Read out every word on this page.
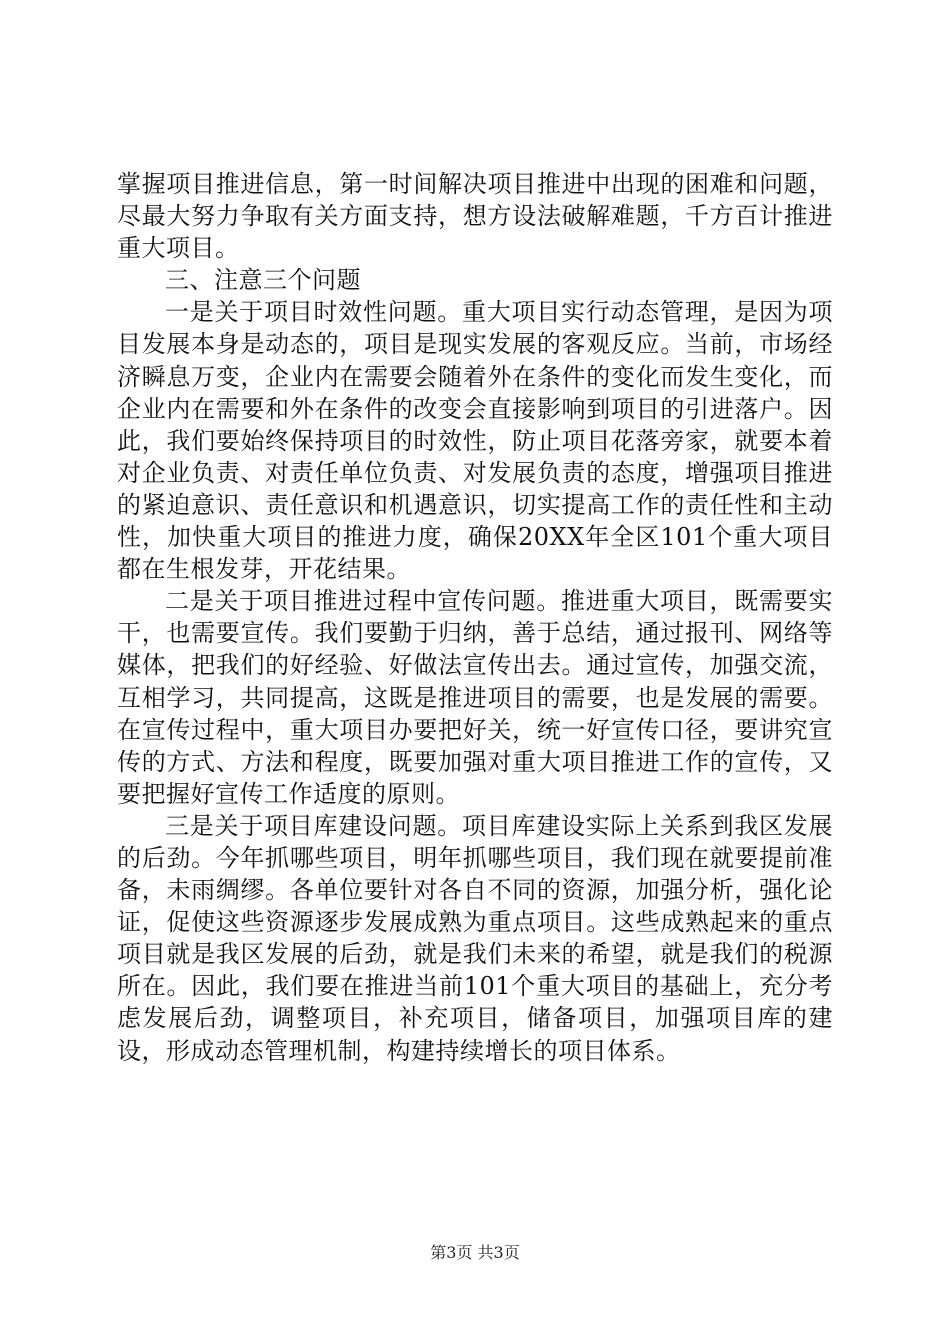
掌握项目推进信息，第一时间解决项目推进中出现的困难和问题，尽最大努力争取有关方面支持，想方设法破解难题，千方百计推进重大项目。

三、注意三个问题

一是关于项目时效性问题。重大项目实行动态管理，是因为项目发展本身是动态的，项目是现实发展的客观反应。当前，市场经济瞬息万变，企业内在需要会随着外在条件的变化而发生变化，而企业内在需要和外在条件的改变会直接影响到项目的引进落户。因此，我们要始终保持项目的时效性，防止项目花落旁家，就要本着对企业负责、对责任单位负责、对发展负责的态度，增强项目推进的紧迫意识、责任意识和机遇意识，切实提高工作的责任性和主动性，加快重大项目的推进力度，确保20XX年全区101个重大项目都在生根发芽，开花结果。

二是关于项目推进过程中宣传问题。推进重大项目，既需要实干，也需要宣传。我们要勤于归纳，善于总结，通过报刊、网络等媒体，把我们的好经验、好做法宣传出去。通过宣传，加强交流，互相学习，共同提高，这既是推进项目的需要，也是发展的需要。在宣传过程中，重大项目办要把好关，统一好宣传口径，要讲究宣传的方式、方法和程度，既要加强对重大项目推进工作的宣传，又要把握好宣传工作适度的原则。

三是关于项目库建设问题。项目库建设实际上关系到我区发展的后劲。今年抓哪些项目，明年抓哪些项目，我们现在就要提前准备，未雨绸缪。各单位要针对各自不同的资源，加强分析，强化论证，促使这些资源逐步发展成熟为重点项目。这些成熟起来的重点项目就是我区发展的后劲，就是我们未来的希望，就是我们的税源所在。因此，我们要在推进当前101个重大项目的基础上，充分考虑发展后劲，调整项目，补充项目，储备项目，加强项目库的建设，形成动态管理机制，构建持续增长的项目体系。

第3页 共3页
